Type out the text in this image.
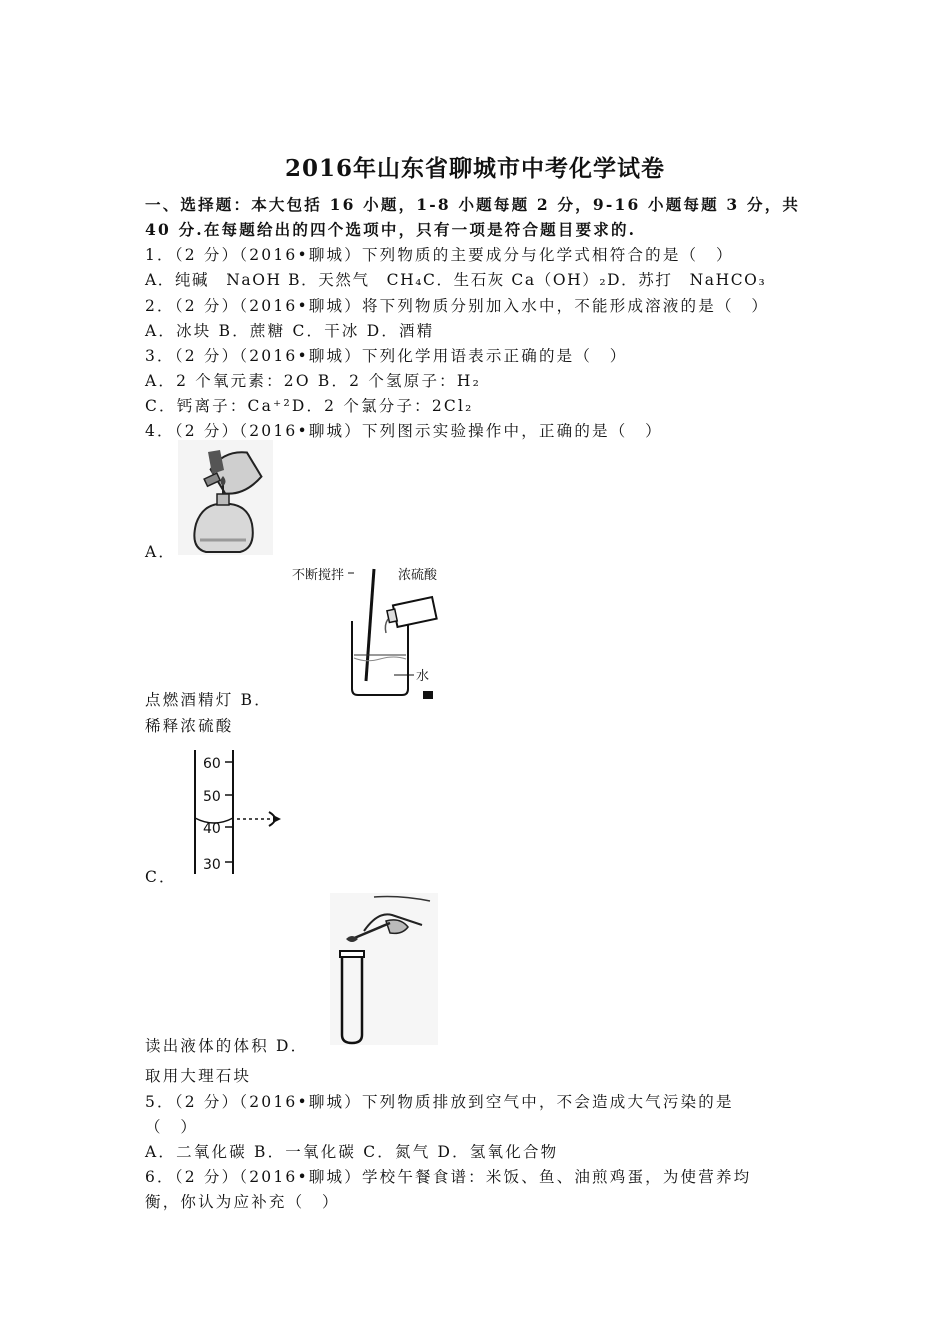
2016年山东省聊城市中考化学试卷
一、选择题：本大包括 16 小题，1-8 小题每题 2 分，9-16 小题每题 3 分，共
40 分.在每题给出的四个选项中，只有一项是符合题目要求的.
1．（2 分）（2016•聊城）下列物质的主要成分与化学式相符合的是（　）
A．纯碱　NaOH B．天然气　CH₄C．生石灰 Ca（OH）₂D．苏打　NaHCO₃
2．（2 分）（2016•聊城）将下列物质分别加入水中，不能形成溶液的是（　）
A．冰块 B．蔗糖 C．干冰 D．酒精
3．（2 分）（2016•聊城）下列化学用语表示正确的是（　）
A．2 个氧元素：2O B．2 个氢原子：H₂
C．钙离子：Ca⁺²D．2 个氯分子：2Cl₂
4．（2 分）（2016•聊城）下列图示实验操作中，正确的是（　）
A．
不断搅拌	浓硫酸
水
点燃酒精灯 B．
稀释浓硫酸
60
50
40
30
C．
读出液体的体积 D．
取用大理石块
5．（2 分）（2016•聊城）下列物质排放到空气中，不会造成大气污染的是
（　）
A．二氧化碳 B．一氧化碳 C．氮气 D．氢氧化合物
6．（2 分）（2016•聊城）学校午餐食谱：米饭、鱼、油煎鸡蛋，为使营养均
衡，你认为应补充（　）
